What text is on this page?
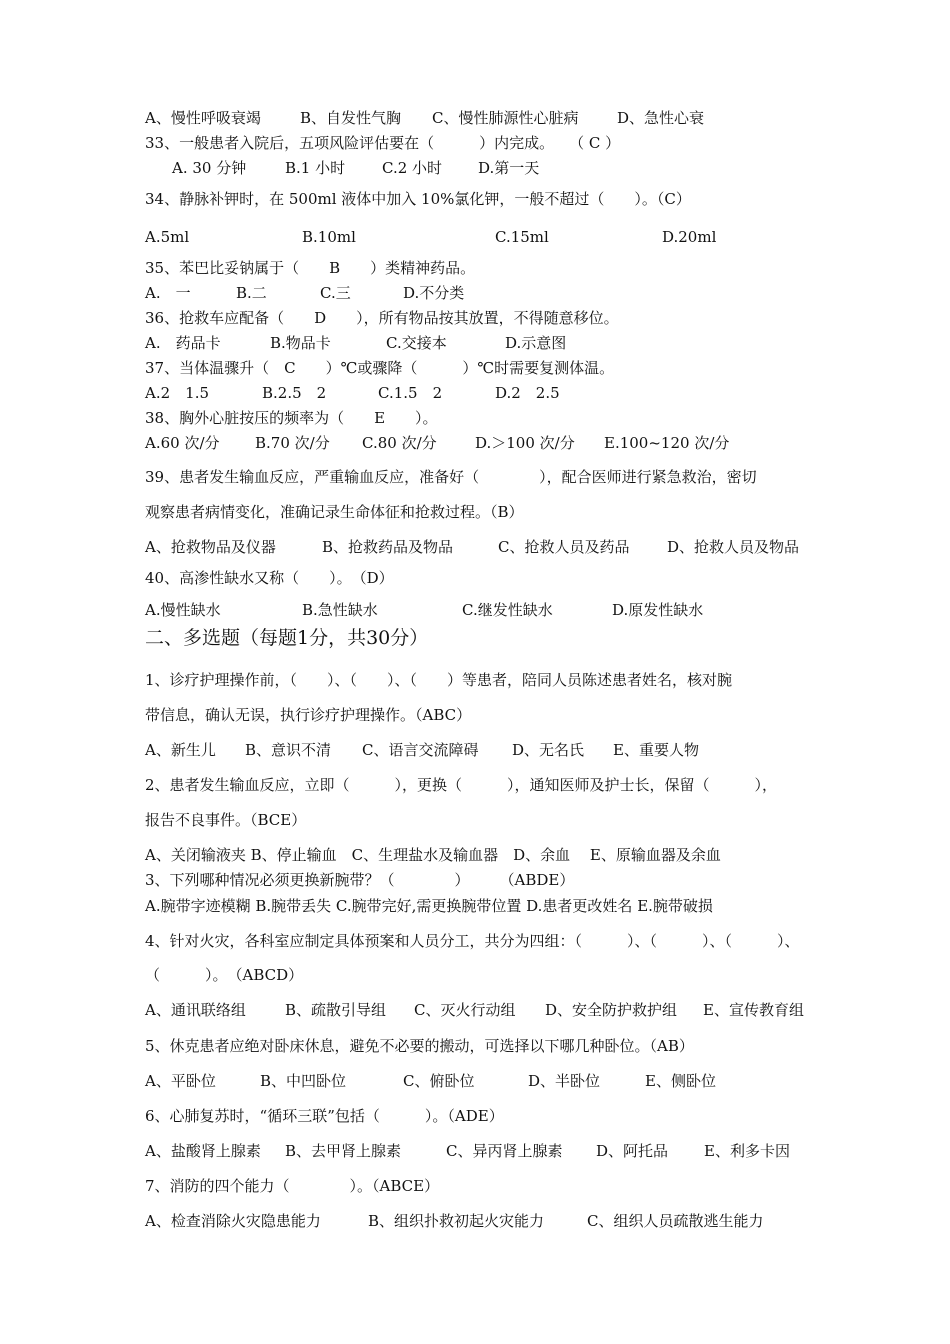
A、慢性呼吸衰竭	B、自发性气胸 C、慢性肺源性心脏病	D、急性心衰
33、一般患者入院后，五项风险评估要在（　　　）内完成。　　（ C ）
A. 30 分钟	B.1 小时 C.2 小时 D.第一天
34、静脉补钾时，在 500ml 液体中加入 10%氯化钾，一般不超过（　　）。（C）
A.5ml	B.10ml	C.15ml	D.20ml
35、苯巴比妥钠属于（　　B　　）类精神药品。
A.　一	B.二	C.三	D.不分类
36、抢救车应配备（　　D　　），所有物品按其放置，不得随意移位。
A.　药品卡	B.物品卡	C.交接本	D.示意图
37、当体温骤升（　C　　）℃或骤降（　　　）℃时需要复测体温。
A.2　1.5	B.2.5　2	C.1.5　2	D.2　2.5
38、胸外心脏按压的频率为（　　E　　）。
A.60 次/分 B.70 次/分 C.80 次/分	D.＞100 次/分 E.100~120 次/分
39、患者发生输血反应，严重输血反应，准备好（　　　　），配合医师进行紧急救治，密切
观察患者病情变化，准确记录生命体征和抢救过程。（B）
A、抢救物品及仪器	B、抢救药品及物品	C、抢救人员及药品	D、抢救人员及物品
40、高渗性缺水又称（　　）。　（D）
A.慢性缺水	B.急性缺水	C.继发性缺水	D.原发性缺水
二、多选题（每题1分，共30分）
1、诊疗护理操作前，（　　）、（　　）、（　　）等患者，陪同人员陈述患者姓名，核对腕
带信息，确认无误，执行诊疗护理操作。（ABC）
A、新生儿 B、意识不清 C、语言交流障碍 D、无名氏 E、重要人物
2、患者发生输血反应，立即（　　　），更换（　　　），通知医师及护士长，保留（　　　），
报告不良事件。（BCE）
A、关闭输液夹 B、停止输血　C、生理盐水及输血器　D、余血　 E、原输血器及余血
3、下列哪种情况必须更换新腕带？（　　　　）　　　（ABDE）
A.腕带字迹模糊 B.腕带丢失 C.腕带完好,需更换腕带位置 D.患者更改姓名 E.腕带破损
4、针对火灾，各科室应制定具体预案和人员分工，共分为四组：（　　　）、（　　　）、（　　　）、
（　　　）。　（ABCD）
A、通讯联络组	B、疏散引导组 C、灭火行动组 D、安全防护救护组 E、宣传教育组
5、休克患者应绝对卧床休息，避免不必要的搬动，可选择以下哪几种卧位。（AB）
A、平卧位	B、中凹卧位	C、俯卧位	D、半卧位	E、侧卧位
6、心肺复苏时，“循环三联”包括（　　　）。（ADE）
A、盐酸肾上腺素 B、去甲肾上腺素	C、异丙肾上腺素 D、阿托品 E、利多卡因
7、消防的四个能力（　　　　）。（ABCE）
A、检查消除火灾隐患能力	B、组织扑救初起火灾能力	C、组织人员疏散逃生能力
